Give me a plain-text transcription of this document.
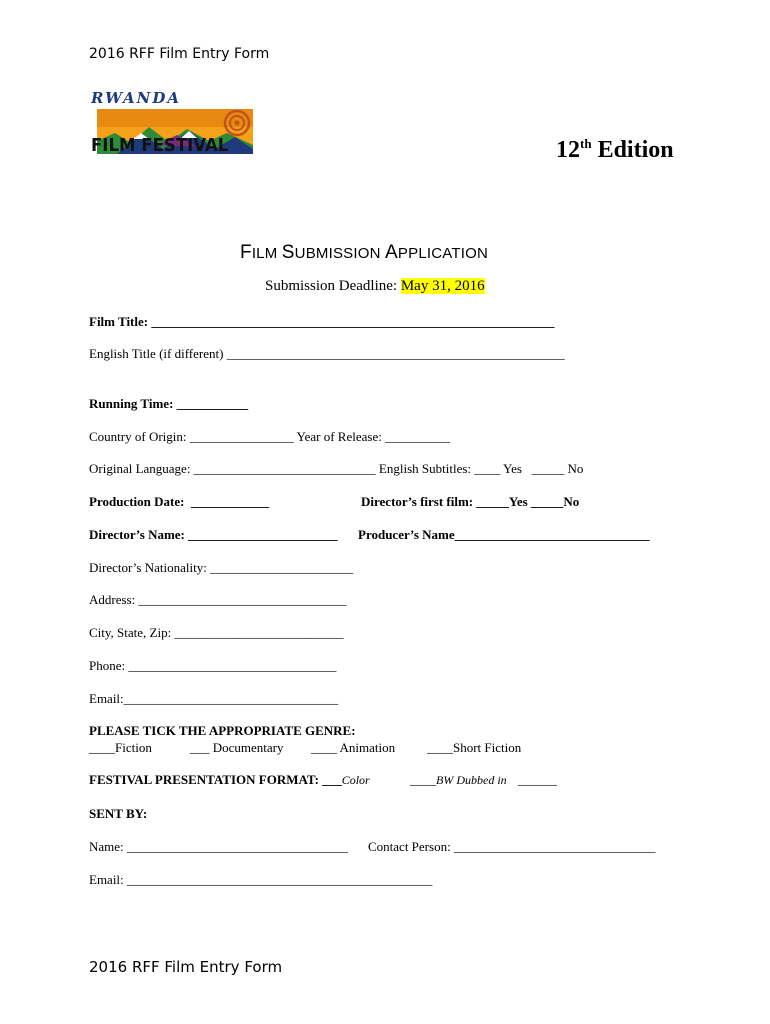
2016 RFF Film Entry Form

RWANDA

FILM FESTIVAL	12th Edition
FILM SUBMISSION APPLICATION
Submission Deadline: May 31, 2016
Film Title: ______________________________________________________________
English Title (if different) ____________________________________________________
Running Time: ___________
Country of Origin: ________________ Year of Release: __________
Original Language: ____________________________ English Subtitles: ____ Yes   _____ No
Production Date:  ____________	Director’s first film: _____Yes _____No
Director’s Name: _______________________ Producer’s Name______________________________
Director’s Nationality: ______________________
Address: ________________________________
City, State, Zip: __________________________
Phone: ________________________________
Email:_________________________________
PLEASE TICK THE APPROPRIATE GENRE:
____Fiction	___ Documentary ____ Animation ____Short Fiction
FESTIVAL PRESENTATION FORMAT: ___Color	____BW Dubbed in ______
SENT BY:
Name: __________________________________ Contact Person: _______________________________
Email: _______________________________________________
2016 RFF Film Entry Form
